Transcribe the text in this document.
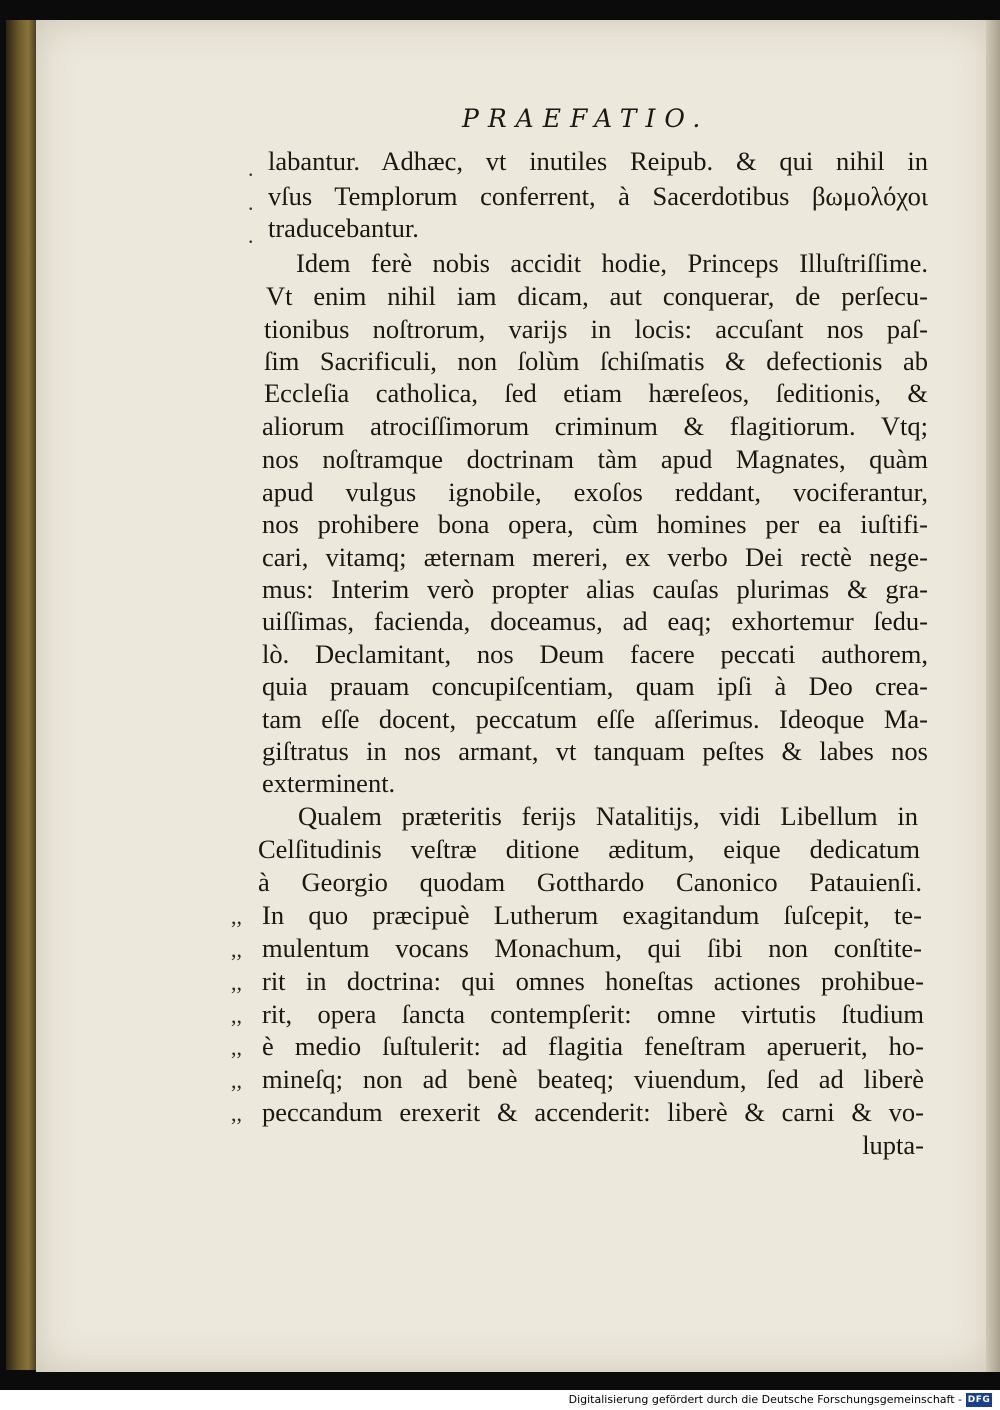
PRAEFATIO.

labantur. Adhæc, vt inutiles Reipub. & qui nihil in

vſus Templorum conferrent, à Sacerdotibus βωμολόχοι

traducebantur.

Idem ferè nobis accidit hodie, Princeps Illuſtriſſime.

Vt enim nihil iam dicam, aut conquerar, de perſecu-

tionibus noſtrorum, varijs in locis: accuſant nos paſ-

ſim Sacrificuli, non ſolùm ſchiſmatis & defectionis ab

Eccleſia catholica, ſed etiam hæreſeos, ſeditionis, &

aliorum atrociſſimorum criminum & flagitiorum. Vtq;

nos noſtramque doctrinam tàm apud Magnates, quàm

apud vulgus ignobile, exoſos reddant, vociferantur,

nos prohibere bona opera, cùm homines per ea iuſtifi-

cari, vitamq; æternam mereri, ex verbo Dei rectè nege-

mus: Interim verò propter alias cauſas plurimas & gra-

uiſſimas, facienda, doceamus, ad eaq; exhortemur ſedu-

lò. Declamitant, nos Deum facere peccati authorem,

quia prauam concupiſcentiam, quam ipſi à Deo crea-

tam eſſe docent, peccatum eſſe aſſerimus. Ideoque Ma-

giſtratus in nos armant, vt tanquam peſtes & labes nos

exterminent.

Qualem præteritis ferijs Natalitijs, vidi Libellum in

Celſitudinis veſtræ ditione æditum, eique dedicatum

à Georgio quodam Gotthardo Canonico Patauienſi.

In quo præcipuè Lutherum exagitandum ſuſcepit, te-

mulentum vocans Monachum, qui ſibi non conſtite-

rit in doctrina: qui omnes honeſtas actiones prohibue-

rit, opera ſancta contempſerit: omne virtutis ſtudium

è medio ſuſtulerit: ad flagitia feneſtram aperuerit, ho-

mineſq; non ad benè beateq; viuendum, ſed ad liberè

peccandum erexerit & accenderit: liberè & carni & vo-

lupta-

.
.
.
,,
,,
,,
,,
,,
,,
,,
Digitalisierung gefördert durch die Deutsche Forschungsgemeinschaft - DFG
